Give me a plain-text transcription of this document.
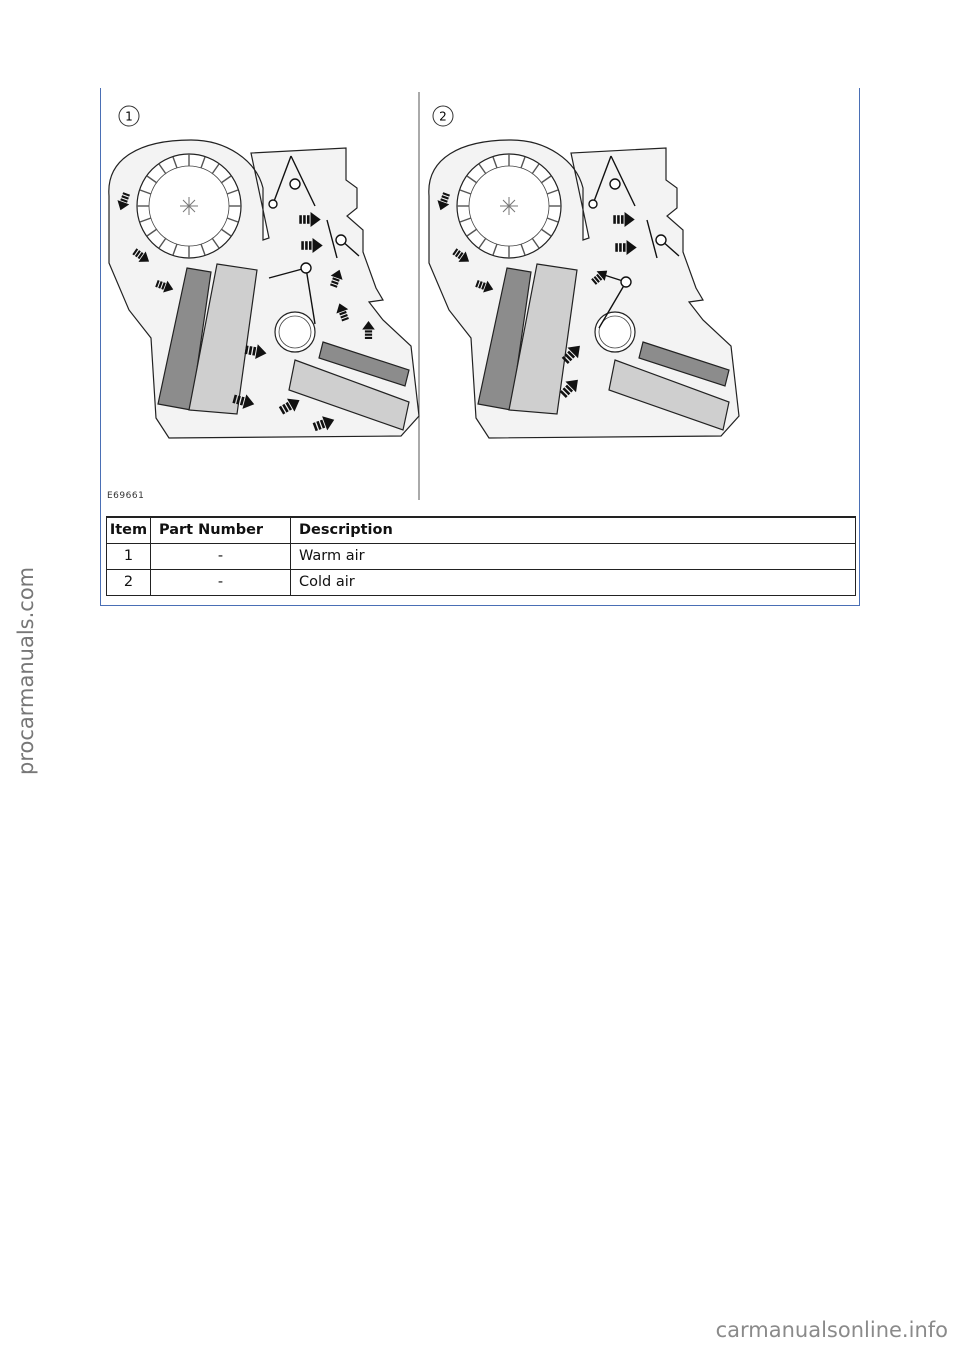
1	2
E69661
Item	Part Number	Description
1	-	Warm air
2	-	Cold air
procarmanuals.com
carmanualsonline.info
